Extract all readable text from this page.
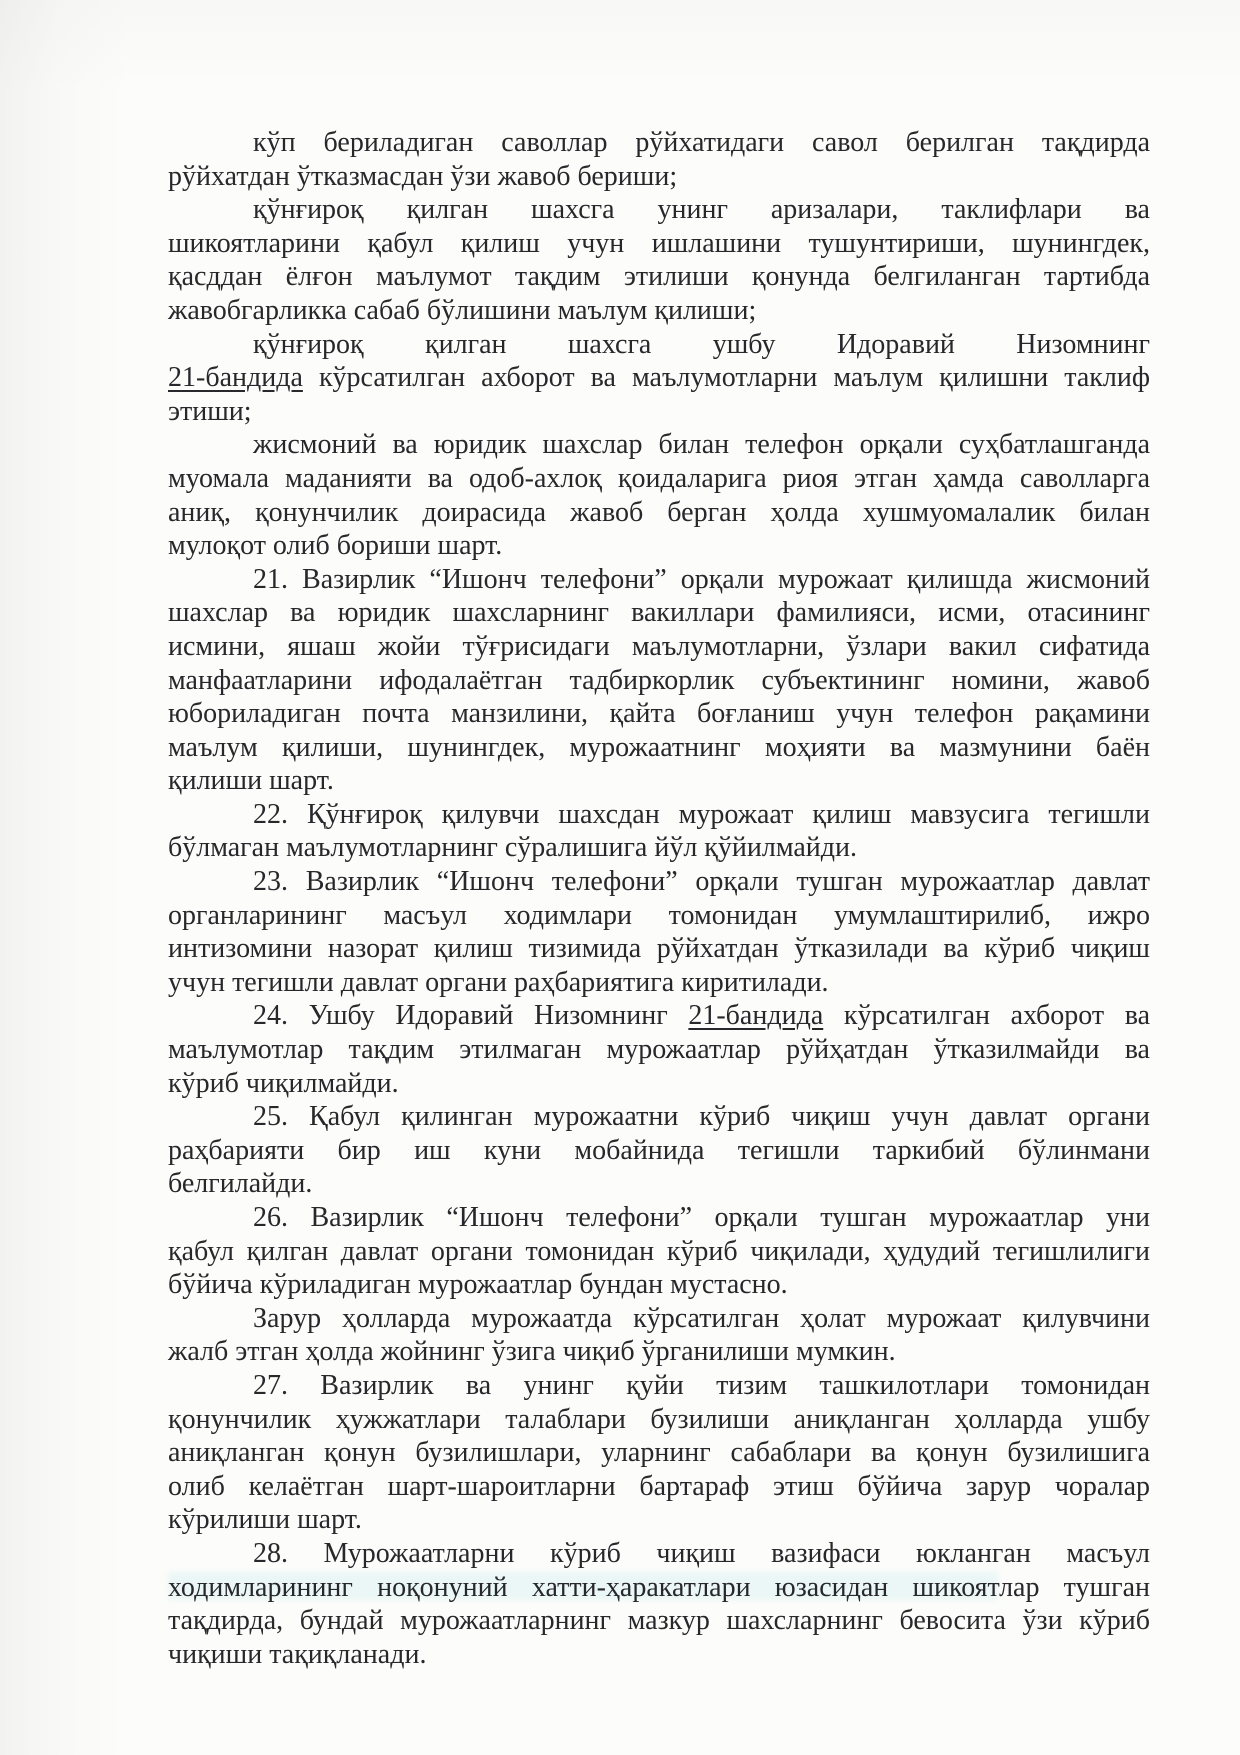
кўп бериладиган саволлар рўйхатидаги савол берилган тақдирда
рўйхатдан ўтказмасдан ўзи жавоб бериши;
қўнғироқ қилган шахсга унинг аризалари, таклифлари ва
шикоятларини қабул қилиш учун ишлашини тушунтириши, шунингдек,
қасддан ёлғон маълумот тақдим этилиши қонунда белгиланган тартибда
жавобгарликка сабаб бўлишини маълум қилиши;
қўнғироқ қилган шахсга ушбу Идоравий Низомнинг
21-бандида кўрсатилган ахборот ва маълумотларни маълум қилишни таклиф
этиши;
жисмоний ва юридик шахслар билан телефон орқали суҳбатлашганда
муомала маданияти ва одоб-ахлоқ қоидаларига риоя этган ҳамда саволларга
аниқ, қонунчилик доирасида жавоб берган ҳолда хушмуомалалик билан
мулоқот олиб бориши шарт.
21. Вазирлик “Ишонч телефони” орқали мурожаат қилишда жисмоний
шахслар ва юридик шахсларнинг вакиллари фамилияси, исми, отасининг
исмини, яшаш жойи тўғрисидаги маълумотларни, ўзлари вакил сифатида
манфаатларини ифодалаётган тадбиркорлик субъектининг номини, жавоб
юбориладиган почта манзилини, қайта боғланиш учун телефон рақамини
маълум қилиши, шунингдек, мурожаатнинг моҳияти ва мазмунини баён
қилиши шарт.
22. Қўнғироқ қилувчи шахсдан мурожаат қилиш мавзусига тегишли
бўлмаган маълумотларнинг сўралишига йўл қўйилмайди.
23. Вазирлик “Ишонч телефони” орқали тушган мурожаатлар давлат
органларининг масъул ходимлари томонидан умумлаштирилиб, ижро
интизомини назорат қилиш тизимида рўйхатдан ўтказилади ва кўриб чиқиш
учун тегишли давлат органи раҳбариятига киритилади.
24. Ушбу Идоравий Низомнинг 21-бандида кўрсатилган ахборот ва
маълумотлар тақдим этилмаган мурожаатлар рўйҳатдан ўтказилмайди ва
кўриб чиқилмайди.
25. Қабул қилинган мурожаатни кўриб чиқиш учун давлат органи
раҳбарияти бир иш куни мобайнида тегишли таркибий бўлинмани
белгилайди.
26. Вазирлик “Ишонч телефони” орқали тушган мурожаатлар уни
қабул қилган давлат органи томонидан кўриб чиқилади, ҳудудий тегишлилиги
бўйича кўриладиган мурожаатлар бундан мустасно.
Зарур ҳолларда мурожаатда кўрсатилган ҳолат мурожаат қилувчини
жалб этган ҳолда жойнинг ўзига чиқиб ўрганилиши мумкин.
27. Вазирлик ва унинг қуйи тизим ташкилотлари томонидан
қонунчилик ҳужжатлари талаблари бузилиши аниқланган ҳолларда ушбу
аниқланган қонун бузилишлари, уларнинг сабаблари ва қонун бузилишига
олиб келаётган шарт-шароитларни бартараф этиш бўйича зарур чоралар
кўрилиши шарт.
28. Мурожаатларни кўриб чиқиш вазифаси юкланган масъул
ходимларининг ноқонуний хатти-ҳаракатлари юзасидан шикоятлар тушган
тақдирда, бундай мурожаатларнинг мазкур шахсларнинг бевосита ўзи кўриб
чиқиши тақиқланади.
